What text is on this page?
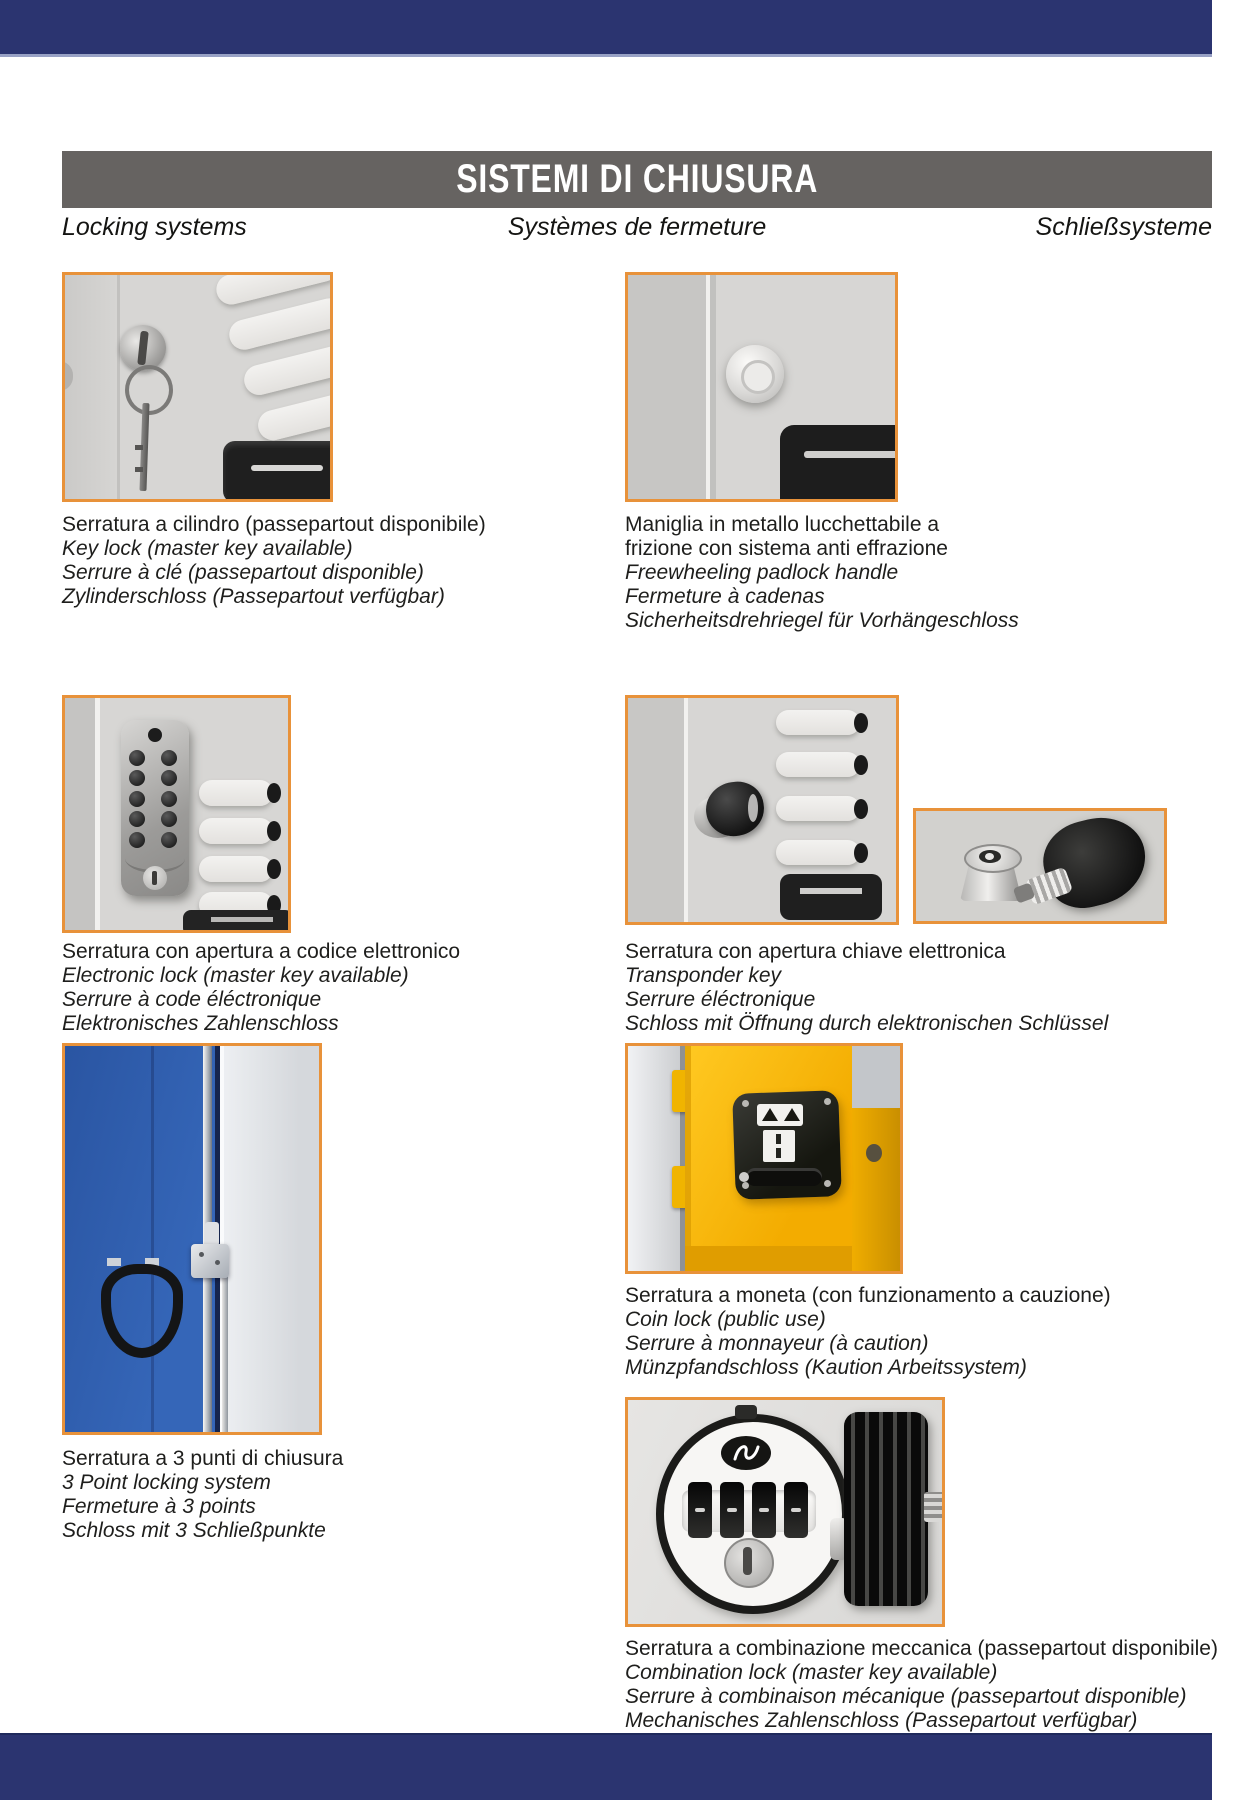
SISTEMI DI CHIUSURA
Locking systems	Systèmes de fermeture	Schließsysteme
Serratura a cilindro (passepartout disponibile)
Key lock (master key available)
Serrure à clé (passepartout disponible)
Zylinderschloss (Passepartout verfügbar)
Maniglia in metallo lucchettabile a
frizione con sistema anti effrazione
Freewheeling padlock handle
Fermeture à cadenas
Sicherheitsdrehriegel für Vorhängeschloss
Serratura con apertura a codice elettronico
Electronic lock (master key available)
Serrure à code éléctronique
Elektronisches Zahlenschloss
Serratura con apertura chiave elettronica
Transponder key
Serrure éléctronique
Schloss mit Öffnung durch elektronischen Schlüssel
Serratura a moneta (con funzionamento a cauzione)
Coin lock (public use)
Serrure à monnayeur (à caution)
Münzpfandschloss (Kaution Arbeitssystem)
Serratura a 3 punti di chiusura
3 Point locking system
Fermeture à 3 points
Schloss mit 3 Schließpunkte
Serratura a combinazione meccanica (passepartout disponibile)
Combination lock (master key available)
Serrure à combinaison mécanique (passepartout disponible)
Mechanisches Zahlenschloss (Passepartout verfügbar)
